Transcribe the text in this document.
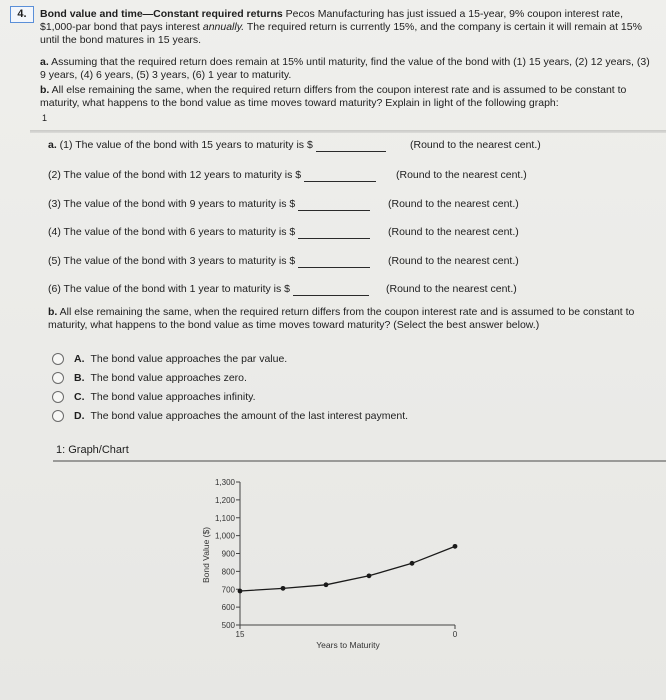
4.	Bond value and time—Constant required returns Pecos Manufacturing has just issued a 15-year, 9% coupon interest rate, $1,000-par bond that pays interest annually. The required return is currently 15%, and the company is certain it will remain at 15% until the bond matures in 15 years.

a. Assuming that the required return does remain at 15% until maturity, find the value of the bond with (1) 15 years, (2) 12 years, (3) 9 years, (4) 6 years, (5) 3 years, (6) 1 year to maturity.

b. All else remaining the same, when the required return differs from the coupon interest rate and is assumed to be constant to maturity, what happens to the bond value as time moves toward maturity? Explain in light of the following graph:

1
a. (1) The value of the bond with 15 years to maturity is $	(Round to the nearest cent.)
(2) The value of the bond with 12 years to maturity is $	(Round to the nearest cent.)
(3) The value of the bond with 9 years to maturity is $	(Round to the nearest cent.)
(4) The value of the bond with 6 years to maturity is $	(Round to the nearest cent.)
(5) The value of the bond with 3 years to maturity is $	(Round to the nearest cent.)
(6) The value of the bond with 1 year to maturity is $	(Round to the nearest cent.)
b. All else remaining the same, when the required return differs from the coupon interest rate and is assumed to be constant to maturity, what happens to the bond value as time moves toward maturity? (Select the best answer below.)
A. The bond value approaches the par value.
B. The bond value approaches zero.
C. The bond value approaches infinity.
D. The bond value approaches the amount of the last interest payment.
1: Graph/Chart
1,300
1,200
1,100
1,000
900
800
700
600
500
15	0
Bond Value ($)
Years to Maturity
